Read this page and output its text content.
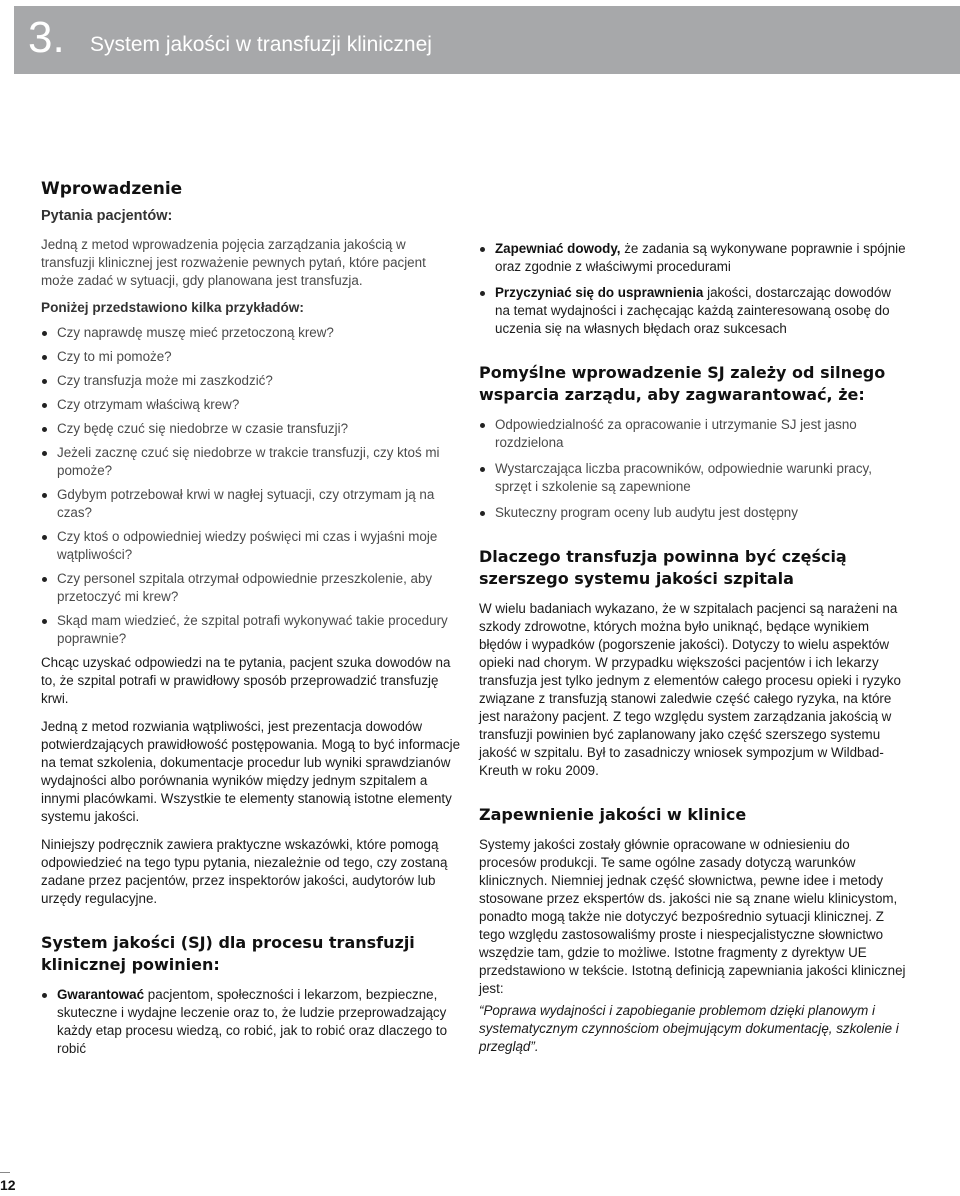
3. System jakości w transfuzji klinicznej
Wprowadzenie
Pytania pacjentów:

Jedną z metod wprowadzenia pojęcia zarządzania jakością w transfuzji klinicznej jest rozważenie pewnych pytań, które pacjent może zadać w sytuacji, gdy planowana jest transfuzja.

Poniżej przedstawiono kilka przykładów:
Czy naprawdę muszę mieć przetoczoną krew?
Czy to mi pomoże?
Czy transfuzja może mi zaszkodzić?
Czy otrzymam właściwą krew?
Czy będę czuć się niedobrze w czasie transfuzji?
Jeżeli zacznę czuć się niedobrze w trakcie transfuzji, czy ktoś mi pomoże?
Gdybym potrzebował krwi w nagłej sytuacji, czy otrzymam ją na czas?
Czy ktoś o odpowiedniej wiedzy poświęci mi czas i wyjaśni moje wątpliwości?
Czy personel szpitala otrzymał odpowiednie przeszkolenie, aby przetoczyć mi krew?
Skąd mam wiedzieć, że szpital potrafi wykonywać takie procedury poprawnie?

Chcąc uzyskać odpowiedzi na te pytania, pacjent szuka dowodów na to, że szpital potrafi w prawidłowy sposób przeprowadzić transfuzję krwi.

Jedną z metod rozwiania wątpliwości, jest prezentacja dowodów potwierdzających prawidłowość postępowania. Mogą to być informacje na temat szkolenia, dokumentacje procedur lub wyniki sprawdzianów wydajności albo porównania wyników między jednym szpitalem a innymi placówkami. Wszystkie te elementy stanowią istotne elementy systemu jakości.

Niniejszy podręcznik zawiera praktyczne wskazówki, które pomogą odpowiedzieć na tego typu pytania, niezależnie od tego, czy zostaną zadane przez pacjentów, przez inspektorów jakości, audytorów lub urzędy regulacyjne.

System jakości (SJ) dla procesu transfuzji klinicznej powinien:
Gwarantować pacjentom, społeczności i lekarzom, bezpieczne, skuteczne i wydajne leczenie oraz to, że ludzie przeprowadzający każdy etap procesu wiedzą, co robić, jak to robić oraz dlaczego to robić
Zapewniać dowody, że zadania są wykonywane poprawnie i spójnie oraz zgodnie z właściwymi procedurami
Przyczyniać się do usprawnienia jakości, dostarczając dowodów na temat wydajności i zachęcając każdą zainteresowaną osobę do uczenia się na własnych błędach oraz sukcesach
Pomyślne wprowadzenie SJ zależy od silnego wsparcia zarządu, aby zagwarantować, że:
Odpowiedzialność za opracowanie i utrzymanie SJ jest jasno rozdzielona
Wystarczająca liczba pracowników, odpowiednie warunki pracy, sprzęt i szkolenie są zapewnione
Skuteczny program oceny lub audytu jest dostępny
Dlaczego transfuzja powinna być częścią szerszego systemu jakości szpitala

W wielu badaniach wykazano, że w szpitalach pacjenci są narażeni na szkody zdrowotne, których można było uniknąć, będące wynikiem błędów i wypadków (pogorszenie jakości). Dotyczy to wielu aspektów opieki nad chorym. W przypadku większości pacjentów i ich lekarzy transfuzja jest tylko jednym z elementów całego procesu opieki i ryzyko związane z transfuzją stanowi zaledwie część całego ryzyka, na które jest narażony pacjent. Z tego względu system zarządzania jakością w transfuzji powinien być zaplanowany jako część szerszego systemu jakość w szpitalu. Był to zasadniczy wniosek sympozjum w Wildbad-Kreuth w roku 2009.

Zapewnienie jakości w klinice

Systemy jakości zostały głównie opracowane w odniesieniu do procesów produkcji. Te same ogólne zasady dotyczą warunków klinicznych. Niemniej jednak część słownictwa, pewne idee i metody stosowane przez ekspertów ds. jakości nie są znane wielu klinicystom, ponadto mogą także nie dotyczyć bezpośrednio sytuacji klinicznej. Z tego względu zastosowaliśmy proste i niespecjalistyczne słownictwo wszędzie tam, gdzie to możliwe. Istotne fragmenty z dyrektyw UE przedstawiono w tekście. Istotną definicją zapewniania jakości klinicznej jest:

“Poprawa wydajności i zapobieganie problemom dzięki planowym i systematycznym czynnościom obejmującym dokumentację, szkolenie i przegląd”.

12
